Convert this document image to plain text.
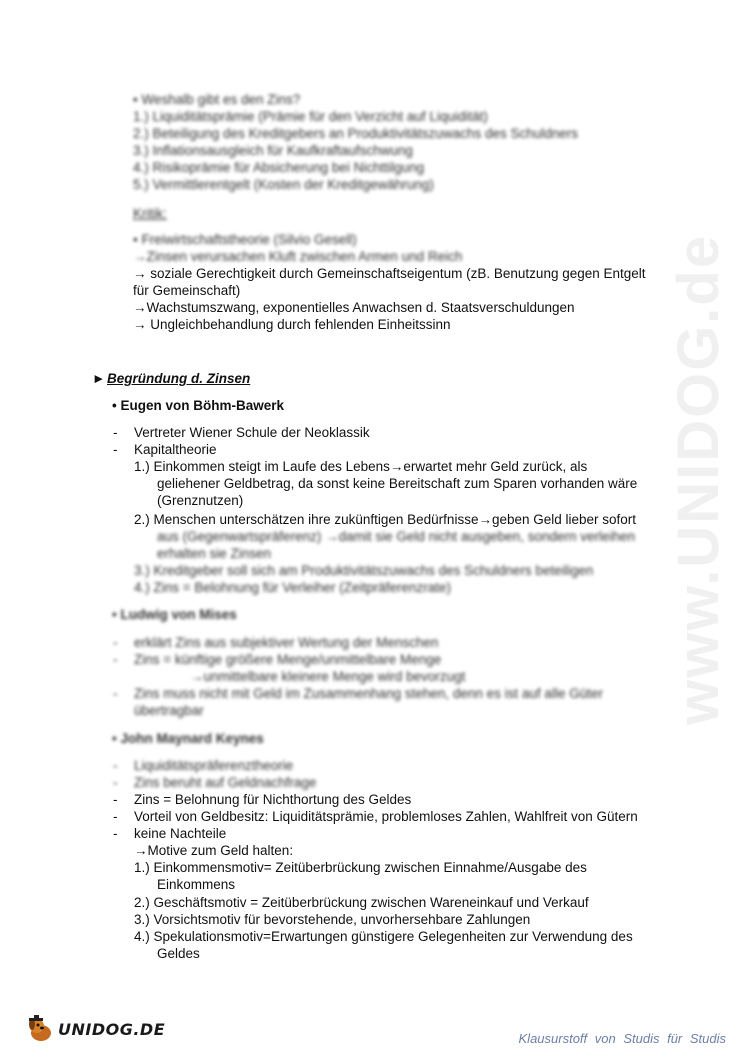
www.UNIDOG.de
• Weshalb gibt es den Zins?
1.) Liquiditätsprämie (Prämie für den Verzicht auf Liquidität)
2.) Beteiligung des Kreditgebers an Produktivitätszuwachs des Schuldners
3.) Inflationsausgleich für Kaufkraftaufschwung
4.) Risikoprämie für Absicherung bei Nichttilgung
5.) Vermittlerentgelt (Kosten der Kreditgewährung)
Kritik:
• Freiwirtschaftstheorie (Silvio Gesell)
→Zinsen verursachen Kluft zwischen Armen und Reich
→ soziale Gerechtigkeit durch Gemeinschaftseigentum (zB. Benutzung gegen Entgelt
für Gemeinschaft)
→Wachstumszwang, exponentielles Anwachsen d. Staatsverschuldungen
→ Ungleichbehandlung durch fehlenden Einheitssinn
► Begründung d. Zinsen
• Eugen von Böhm-Bawerk
- Vertreter Wiener Schule der Neoklassik
- Kapitaltheorie
1.) Einkommen steigt im Laufe des Lebens→erwartet mehr Geld zurück, als
geliehener Geldbetrag, da sonst keine Bereitschaft zum Sparen vorhanden wäre
(Grenznutzen)
2.) Menschen unterschätzen ihre zukünftigen Bedürfnisse→geben Geld lieber sofort
aus (Gegenwartspräferenz) →damit sie Geld nicht ausgeben, sondern verleihen
erhalten sie Zinsen
3.) Kreditgeber soll sich am Produktivitätszuwachs des Schuldners beteiligen
4.) Zins = Belohnung für Verleiher (Zeitpräferenzrate)
• Ludwig von Mises
- erklärt Zins aus subjektiver Wertung der Menschen
- Zins = künftige größere Menge/unmittelbare Menge
→unmittelbare kleinere Menge wird bevorzugt
- Zins muss nicht mit Geld im Zusammenhang stehen, denn es ist auf alle Güter
übertragbar
• John Maynard Keynes
- Liquiditätspräferenztheorie
- Zins beruht auf Geldnachfrage
- Zins = Belohnung für Nichthortung des Geldes
- Vorteil von Geldbesitz: Liquiditätsprämie, problemloses Zahlen, Wahlfreit von Gütern
- keine Nachteile
→Motive zum Geld halten:
1.) Einkommensmotiv= Zeitüberbrückung zwischen Einnahme/Ausgabe des
Einkommens
2.) Geschäftsmotiv = Zeitüberbrückung zwischen Wareneinkauf und Verkauf
3.) Vorsichtsmotiv für bevorstehende, unvorhersehbare Zahlungen
4.) Spekulationsmotiv=Erwartungen günstigere Gelegenheiten zur Verwendung des
Geldes
UNIDOG.DE	Klausurstoff von Studis für Studis
